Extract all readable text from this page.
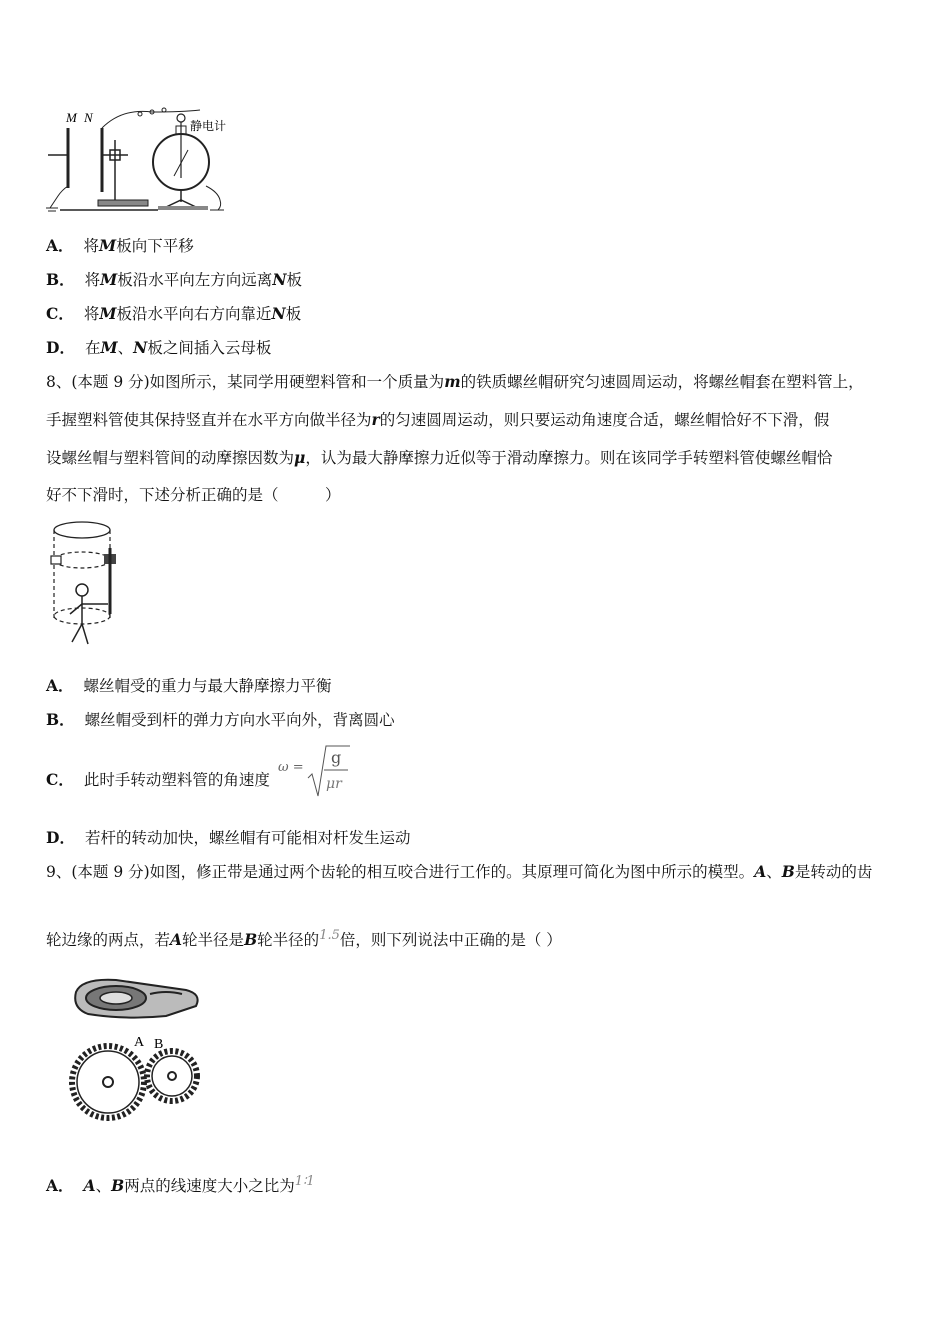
M N
静电计
A． 将M板向下平移
B． 将M板沿水平向左方向远离N板
C． 将M板沿水平向右方向靠近N板
D． 在M、N板之间插入云母板
8、(本题 9 分)如图所示，某同学用硬塑料管和一个质量为m的铁质螺丝帽研究匀速圆周运动，将螺丝帽套在塑料管上，
手握塑料管使其保持竖直并在水平方向做半径为r的匀速圆周运动，则只要运动角速度合适，螺丝帽恰好不下滑，假
设螺丝帽与塑料管间的动摩擦因数为μ，认为最大静摩擦力近似等于滑动摩擦力。则在该同学手转塑料管使螺丝帽恰
好不下滑时，下述分析正确的是（　　　）
A． 螺丝帽受的重力与最大静摩擦力平衡
B． 螺丝帽受到杆的弹力方向水平向外，背离圆心
C． 此时手转动塑料管的角速度
ω =
g
μr
D． 若杆的转动加快，螺丝帽有可能相对杆发生运动
9、(本题 9 分)如图，修正带是通过两个齿轮的相互咬合进行工作的。其原理可简化为图中所示的模型。A、B是转动的齿
轮边缘的两点，若A轮半径是B轮半径的$^{1.5}$倍，则下列说法中正确的是（ ）
A B
A． A、B两点的线速度大小之比为$^{1∶1}$
